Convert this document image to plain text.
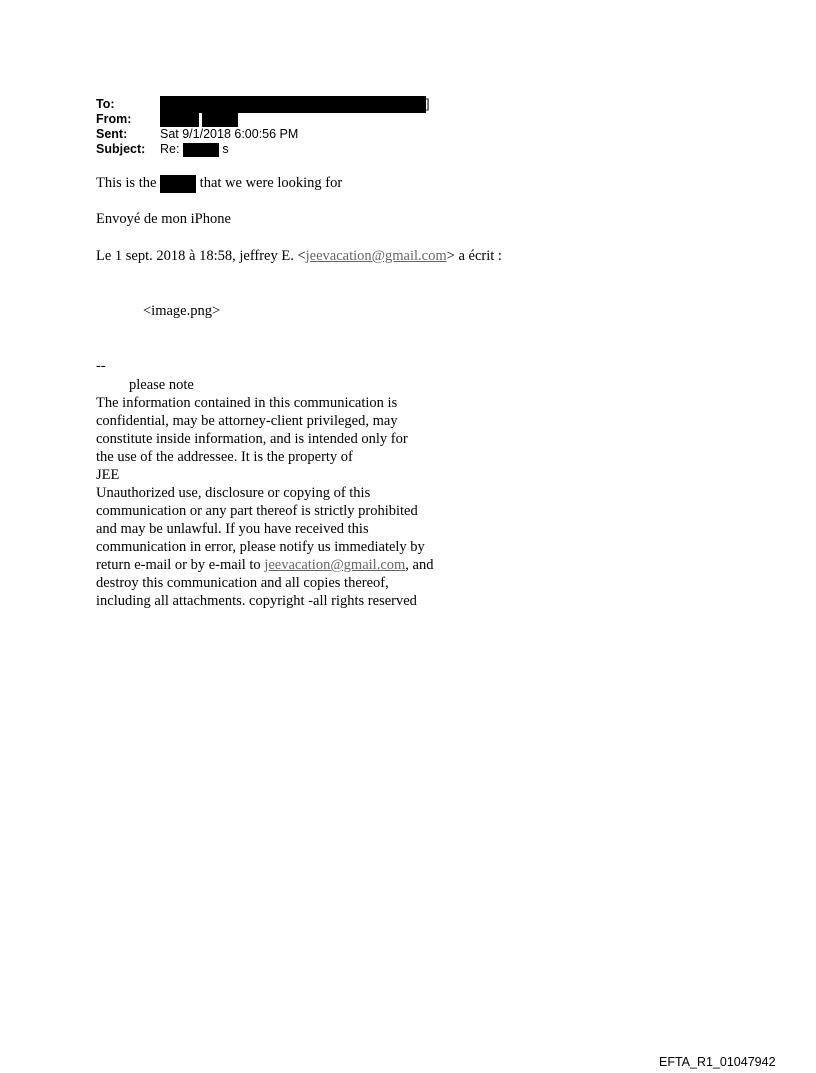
To:	]
From:
Sent:	Sat 9/1/2018 6:00:56 PM
Subject: Re:	s
This is the	that we were looking for
Envoyé de mon iPhone
Le 1 sept. 2018 à 18:58, jeffrey E. <jeevacation@gmail.com> a écrit :
<image.png>
--
please note
The information contained in this communication is
confidential, may be attorney-client privileged, may
constitute inside information, and is intended only for
the use of the addressee. It is the property of
JEE
Unauthorized use, disclosure or copying of this
communication or any part thereof is strictly prohibited
and may be unlawful. If you have received this
communication in error, please notify us immediately by
return e-mail or by e-mail to jeevacation@gmail.com, and
destroy this communication and all copies thereof,
including all attachments. copyright -all rights reserved
EFTA_R1_01047942
